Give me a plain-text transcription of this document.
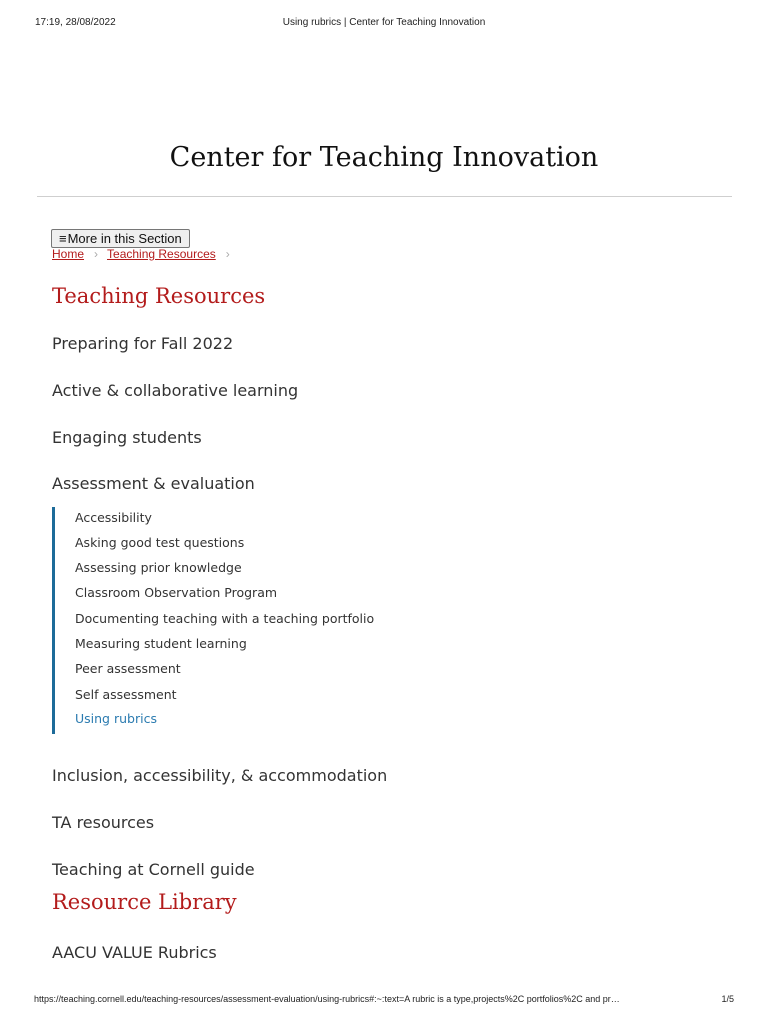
17:19, 28/08/2022	Using rubrics | Center for Teaching Innovation
Center for Teaching Innovation
≡ More in this Section
Home › Teaching Resources ›
Teaching Resources
Preparing for Fall 2022
Active & collaborative learning
Engaging students
Assessment & evaluation
Accessibility
Asking good test questions
Assessing prior knowledge
Classroom Observation Program
Documenting teaching with a teaching portfolio
Measuring student learning
Peer assessment
Self assessment
Using rubrics
Inclusion, accessibility, & accommodation
TA resources
Teaching at Cornell guide
Resource Library
AACU VALUE Rubrics
https://teaching.cornell.edu/teaching-resources/assessment-evaluation/using-rubrics#:~:text=A rubric is a type,projects%2C portfolios%2C and pr…	1/5
